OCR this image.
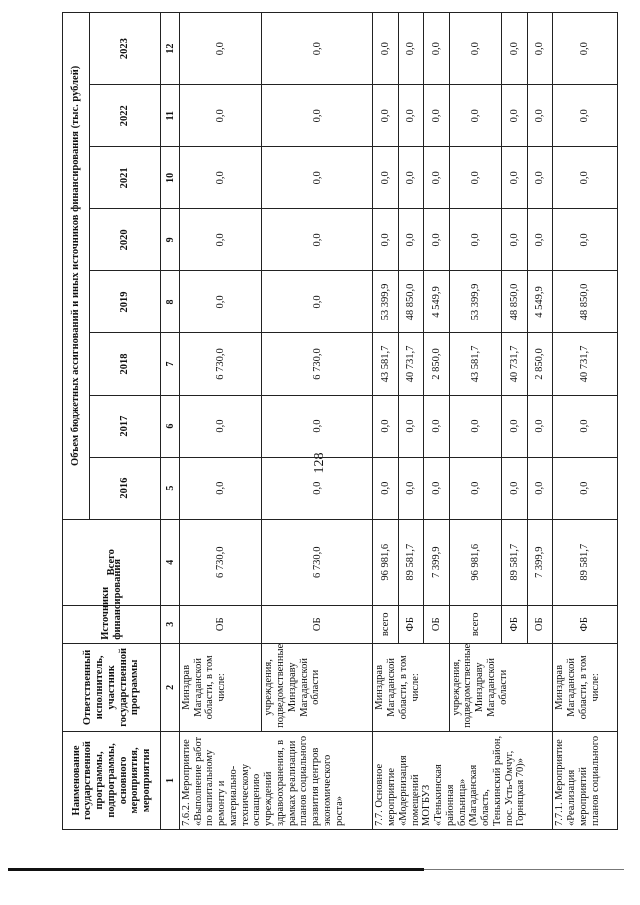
128
Наименование государственной программы, подпрограммы, основного мероприятия, мероприятия	Ответственный исполнитель, участник государственной программы	Источники финансирования	Всего	Объем бюджетных ассигнований и иных источников финансирования (тыс. рублей)							
				2016	2017	2018	2019	2020	2021	2022	2023
1	2	3	4	5	6	7	8	9	10	11	12
7.6.2. Мероприятие «Выполнение работ по капитальному ремонту и материально-техническому оснащению учреждений здравоохранения, в рамках реализации планов социального развития центров экономического роста»	Минздрав Магаданской области, в том числе:	ОБ	6 730,0	0,0	0,0	6 730,0	0,0	0,0	0,0	0,0	0,0
	учреждения, подведомственные Минздраву Магаданской области	ОБ	6 730,0	0,0	0,0	6 730,0	0,0	0,0	0,0	0,0	0,0
7.7. Основное мероприятие «Модернизация помещений МОГБУЗ «Тенькинская районная больница» (Магаданская область, Тенькинский район, пос. Усть-Омчуг, Горняцкая 70)»	Минздрав Магаданской области, в том числе:	всего	96 981,6	0,0	0,0	43 581,7	53 399,9	0,0	0,0	0,0	0,0
		ФБ	89 581,7	0,0	0,0	40 731,7	48 850,0	0,0	0,0	0,0	0,0
		ОБ	7 399,9	0,0	0,0	2 850,0	4 549,9	0,0	0,0	0,0	0,0
	учреждения, подведомственные Минздраву Магаданской области	всего	96 981,6	0,0	0,0	43 581,7	53 399,9	0,0	0,0	0,0	0,0
		ФБ	89 581,7	0,0	0,0	40 731,7	48 850,0	0,0	0,0	0,0	0,0
		ОБ	7 399,9	0,0	0,0	2 850,0	4 549,9	0,0	0,0	0,0	0,0
7.7.1. Мероприятие «Реализация мероприятий планов социального	Минздрав Магаданской области, в том числе:	ФБ	89 581,7	0,0	0,0	40 731,7	48 850,0	0,0	0,0	0,0	0,0
